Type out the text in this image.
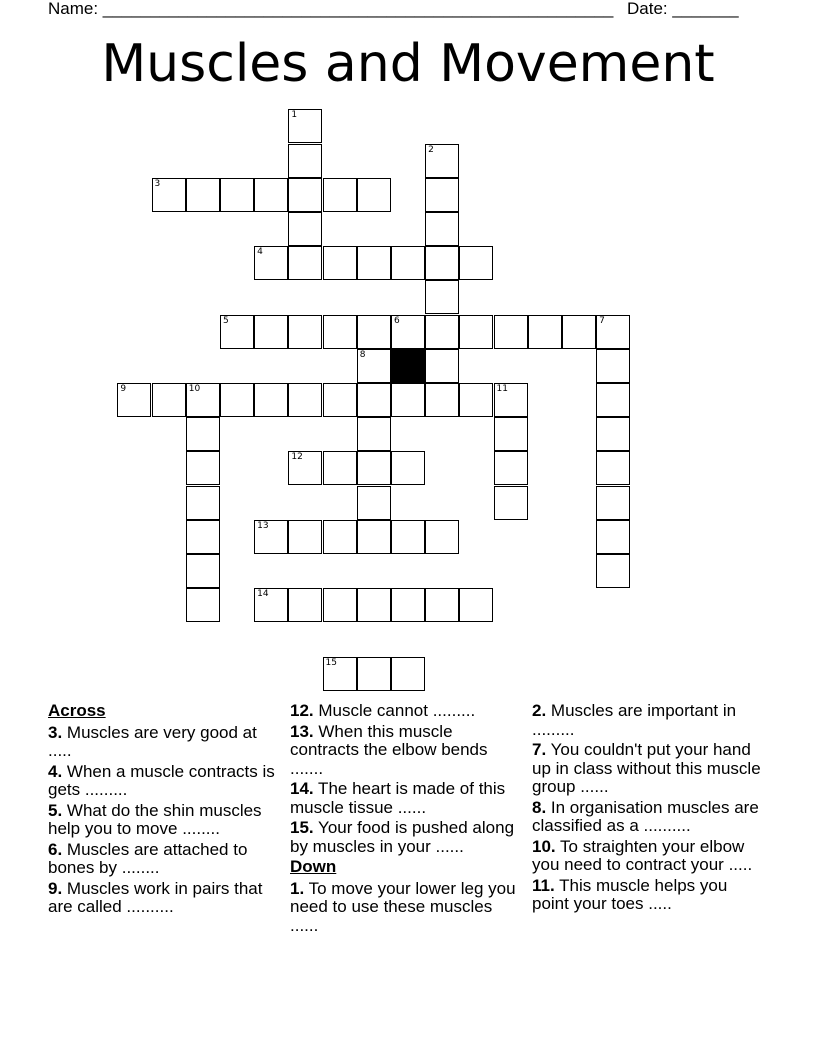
Name: ______________________________________________________ Date: _______
Muscles and Movement
1
2
3
4
5	6	7
8
9	10	11
12
13
14
15

Across

3. Muscles are very good at .....

4. When a muscle contracts is gets .........

5. What do the shin muscles help you to move ........

6. Muscles are attached to bones by ........

9. Muscles work in pairs that are called ..........

12. Muscle cannot .........

13. When this muscle contracts the elbow bends .......

14. The heart is made of this muscle tissue ......

15. Your food is pushed along by muscles in your ......

Down

1. To move your lower leg you need to use these muscles ......

2. Muscles are important in .........

7. You couldn't put your hand up in class without this muscle group ......

8. In organisation muscles are classified as a ..........

10. To straighten your elbow you need to contract your .....

11. This muscle helps you point your toes .....
